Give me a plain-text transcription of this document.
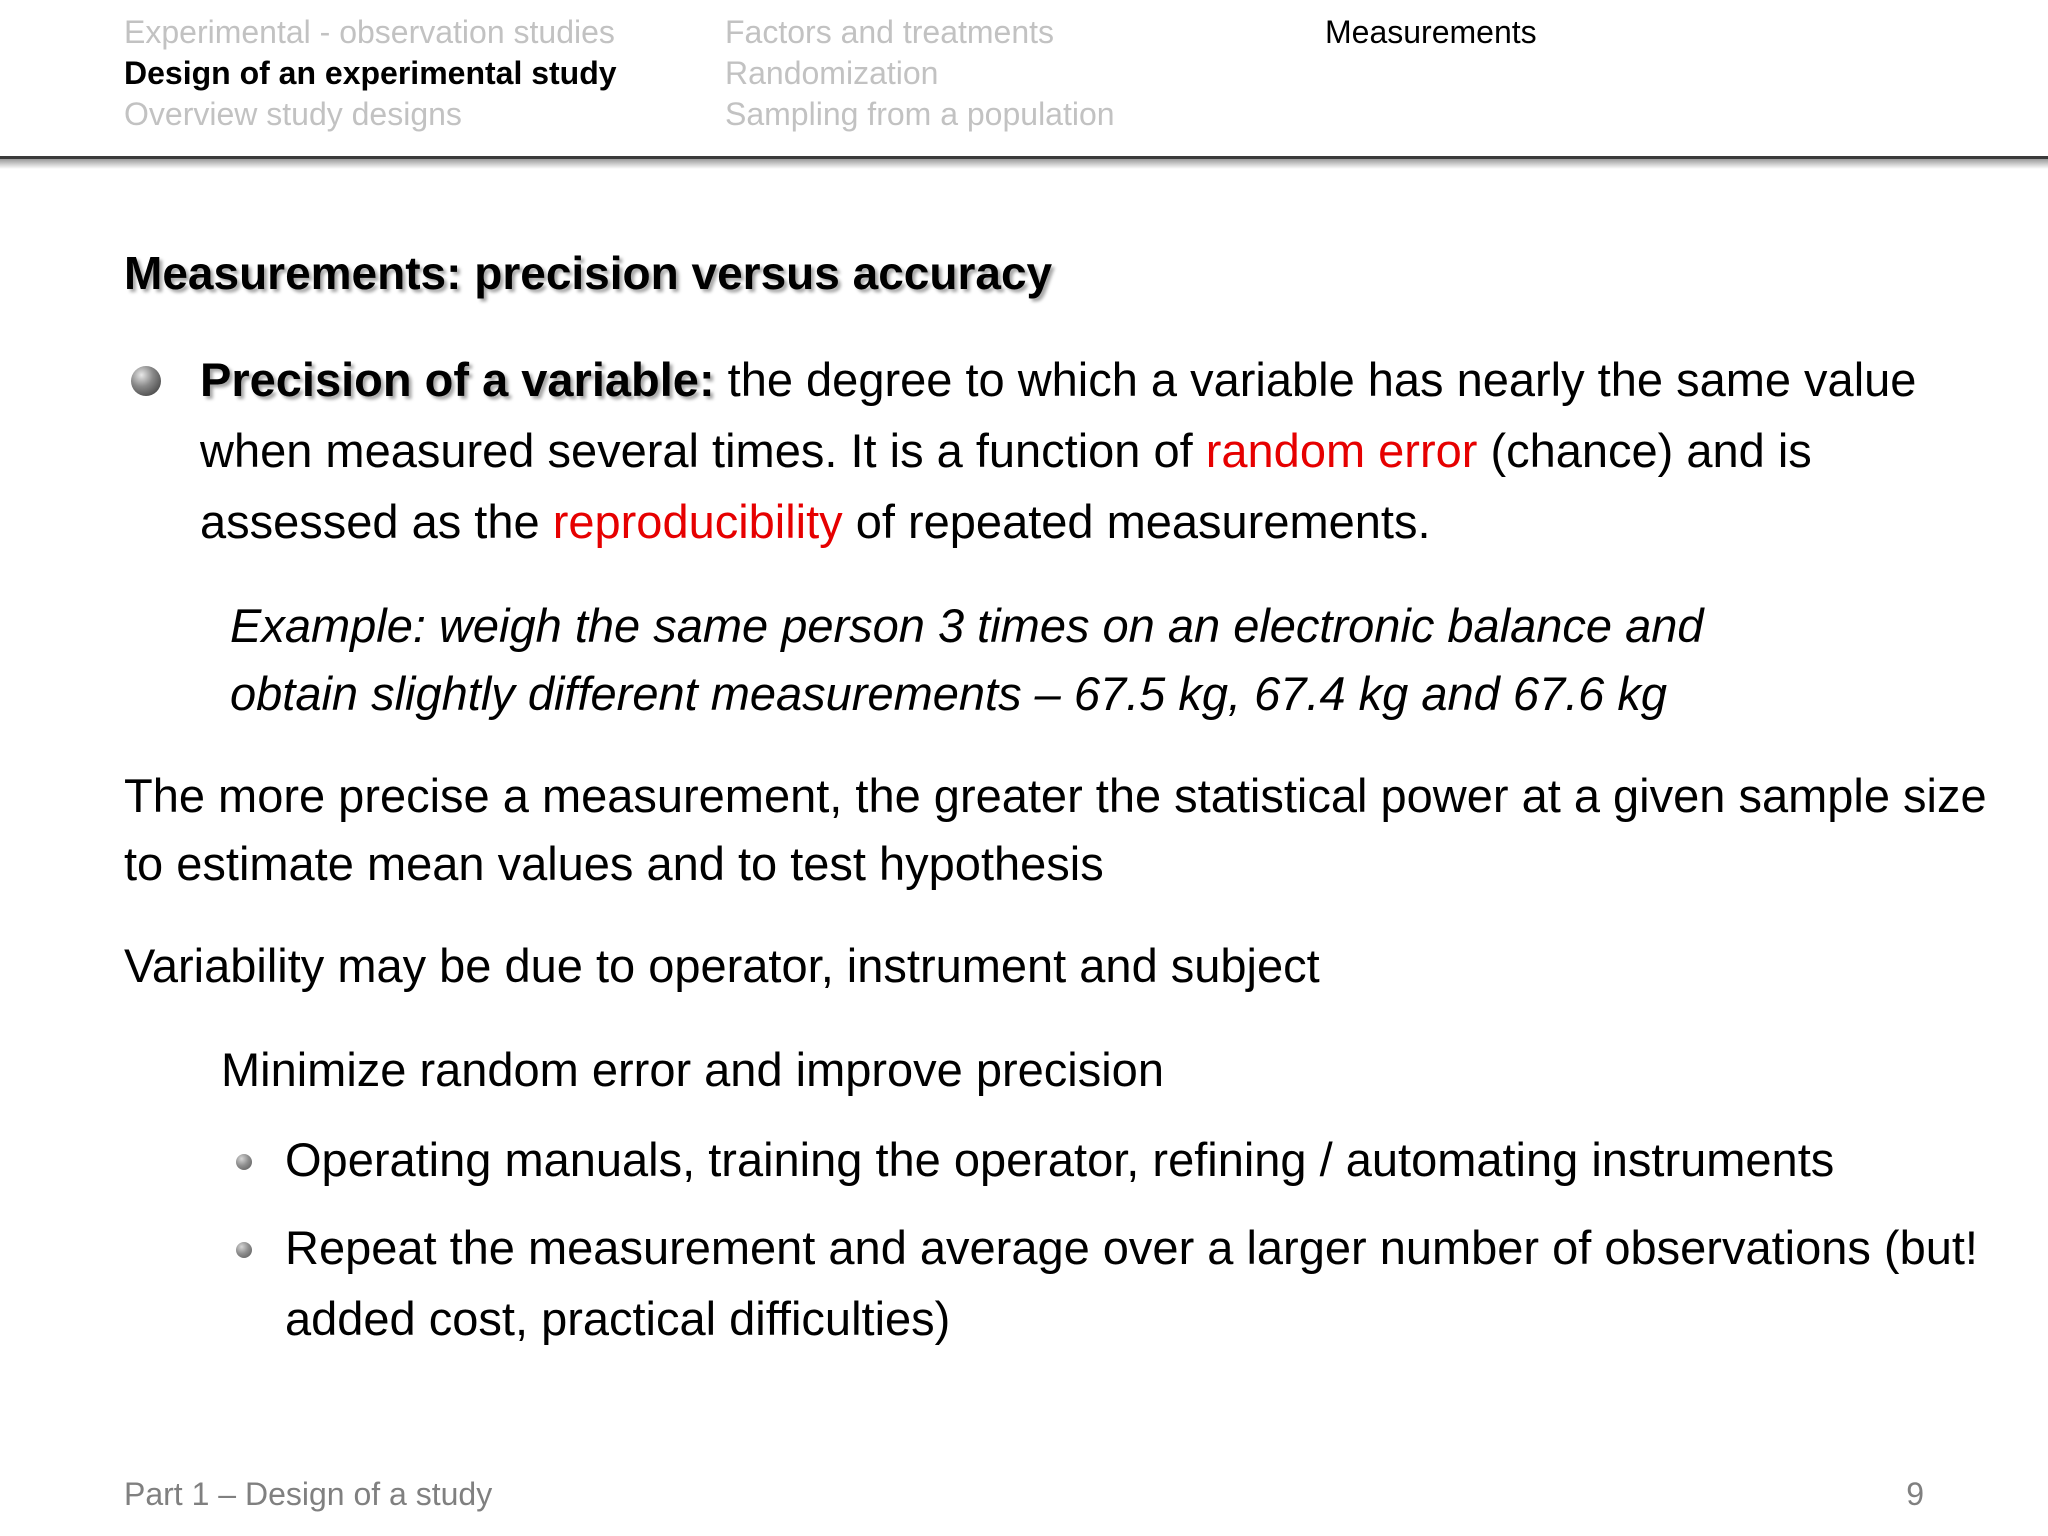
Experimental - observation studies
Design of an experimental study
Overview study designs
Factors and treatments
Randomization
Sampling from a population
Measurements
Measurements: precision versus accuracy
Precision of a variable: the degree to which a variable has nearly the same value when measured several times. It is a function of random error (chance) and is assessed as the reproducibility of repeated measurements.
Example: weigh the same person 3 times on an electronic balance and
obtain slightly different measurements – 67.5 kg, 67.4 kg and 67.6 kg
The more precise a measurement, the greater the statistical power at a given sample size to estimate mean values and to test hypothesis
Variability may be due to operator, instrument and subject
Minimize random error and improve precision
Operating manuals, training the operator, refining / automating instruments
Repeat the measurement and average over a larger number of observations (but! added cost, practical difficulties)
Part 1 – Design of a study	9
